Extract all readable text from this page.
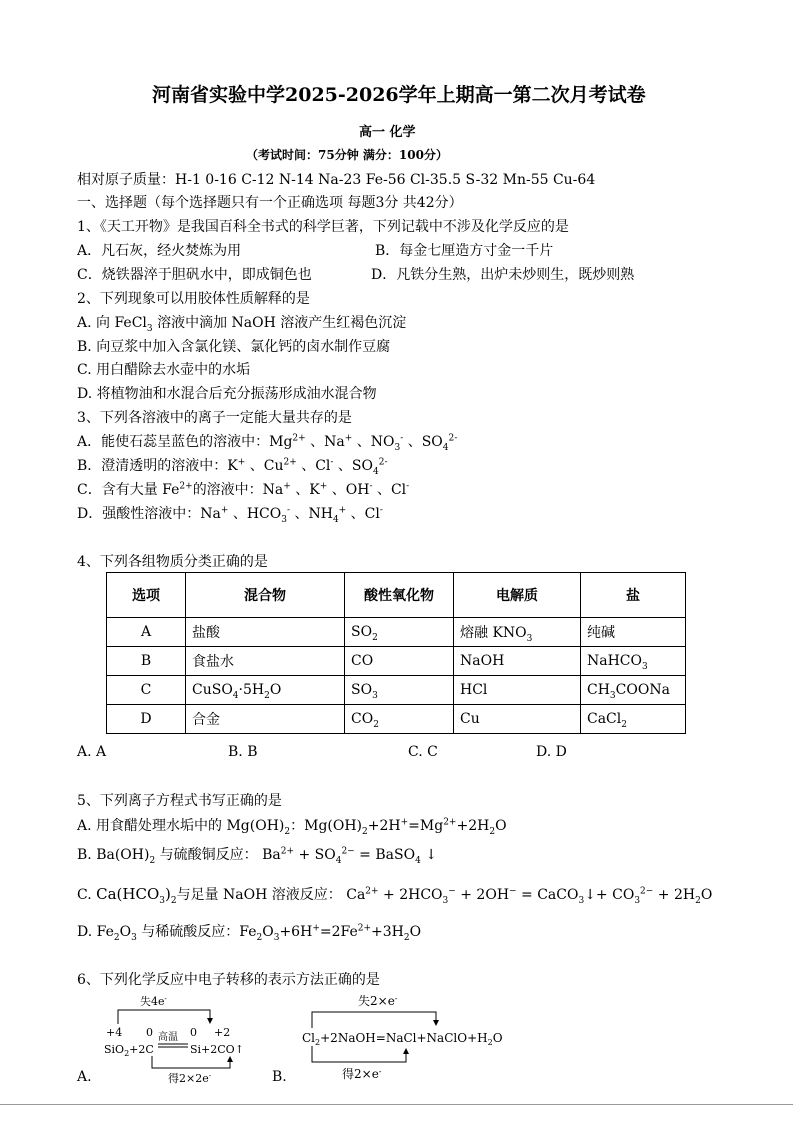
河南省实验中学2025-2026学年上期高一第二次月考试卷
高一 化学
（考试时间：75分钟 满分：100分）
相对原子质量：H-1 0-16 C-12 N-14 Na-23 Fe-56 Cl-35.5 S-32 Mn-55 Cu-64
一、选择题（每个选择题只有一个正确选项 每题3分 共42分）
1、《天工开物》是我国百科全书式的科学巨著，下列记载中不涉及化学反应的是
A．凡石灰，经火焚炼为用	B．每金七厘造方寸金一千片
C．烧铁器淬于胆矾水中，即成铜色也	D．凡铁分生熟，出炉未炒则生，既炒则熟
2、下列现象可以用胶体性质解释的是
A. 向 FeCl$_3$ 溶液中滴加 NaOH 溶液产生红褐色沉淀
B. 向豆浆中加入含氯化镁、氯化钙的卤水制作豆腐
C. 用白醋除去水壶中的水垢
D. 将植物油和水混合后充分振荡形成油水混合物
3、下列各溶液中的离子一定能大量共存的是
A．能使石蕊呈蓝色的溶液中：$Mg^{2+}$ 、Na+ 、$NO_3^-$ 、$SO_4^{2-}$
B．澄清透明的溶液中：K+ 、$Cu^{2+}$ 、Cl- 、$SO_4^{2-}$
C．含有大量 $Fe^{2+}$的溶液中：Na+ 、K+ 、OH- 、Cl-
D．强酸性溶液中：Na+ 、$HCO_3^-$ 、$NH_4^+$ 、Cl-
4、下列各组物质分类正确的是
选项	混合物	酸性氧化物	电解质	盐
A	盐酸	$SO_2$	熔融 $KNO_3$	纯碱
B	食盐水	CO	NaOH	NaHCO$_3$
C	$CuSO_4\cdot 5H_2O$	$SO_3$	HCl	$CH_3COONa$
D	合金	$CO_2$	Cu	CaCl$_2$
A. A	B. B	C. C	D. D
5、下列离子方程式书写正确的是
A. 用食醋处理水垢中的 $Mg(OH)_2$：$Mg(OH)_2+2H^+=Mg^{2+}+2H_2O$
B. $Ba(OH)_2$ 与硫酸铜反应： $Ba^{2+} + SO_4^{2-}$ = BaSO$_4$ ↓
C. $Ca(HCO_3)_2$与足量 NaOH 溶液反应： $Ca^{2+} + 2HCO_3^- + 2OH^-$ = CaCO$_3$↓+ $CO_3^{2-} + 2H_2O$
D. $Fe_2O_3$ 与稀硫酸反应：$Fe_2O_3+6H^+=2Fe^{2+}+3H_2O$
6、下列化学反应中电子转移的表示方法正确的是
失4e-
+4 0	0 +2
高温
SiO$_2$+2C	Si+2CO↑
得2×2e-
A.
失2×e-
$Cl_2+2NaOH=NaCl+NaClO+H_2O$
得2×e-
B.
